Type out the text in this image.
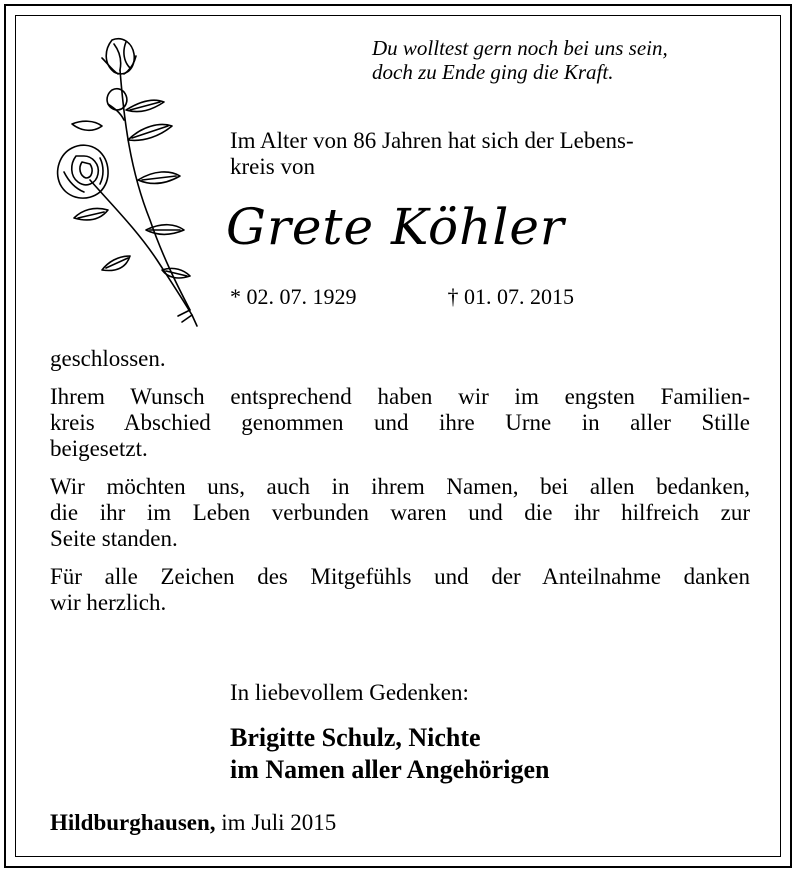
Du wolltest gern noch bei uns sein,
doch zu Ende ging die Kraft.
Im Alter von 86 Jahren hat sich der Lebens-
kreis von
Grete Köhler
* 02. 07. 1929	† 01. 07. 2015
geschlossen.
Ihrem Wunsch entsprechend haben wir im engsten Familien-
kreis Abschied genommen und ihre Urne in aller Stille
beigesetzt.
Wir möchten uns, auch in ihrem Namen, bei allen bedanken,
die ihr im Leben verbunden waren und die ihr hilfreich zur
Seite standen.
Für alle Zeichen des Mitgefühls und der Anteilnahme danken
wir herzlich.
In liebevollem Gedenken:
Brigitte Schulz, Nichte
im Namen aller Angehörigen
Hildburghausen, im Juli 2015
